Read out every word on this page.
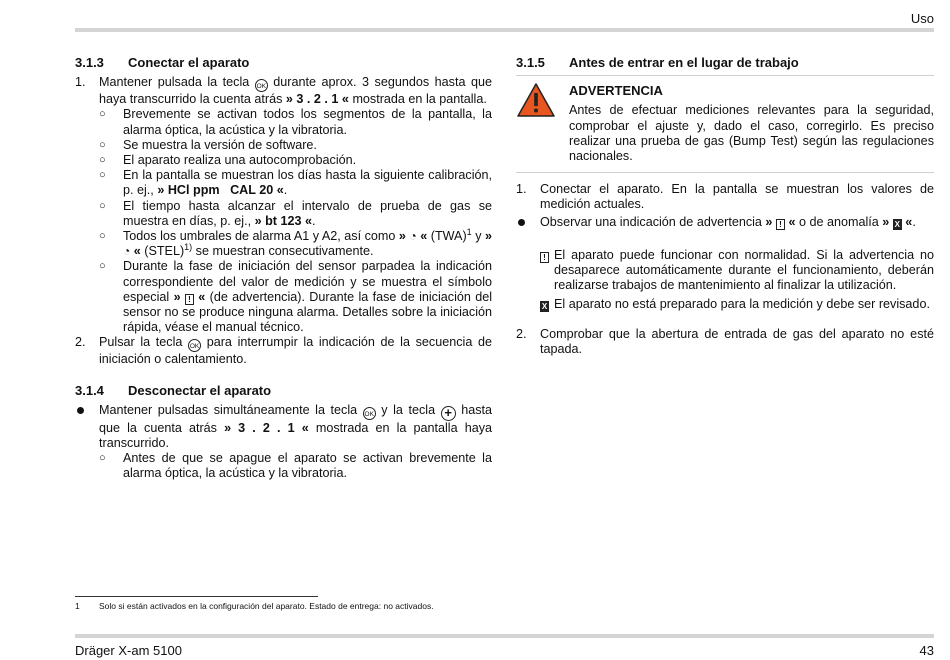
Uso
3.1.3	Conectar el aparato
1.	Mantener pulsada la tecla OK durante aprox. 3 segundos hasta que haya transcurrido la cuenta atrás » 3 . 2 . 1 « mostrada en la pantalla.
○	Brevemente se activan todos los segmentos de la pantalla, la alarma óptica, la acústica y la vibratoria.
○	Se muestra la versión de software.
○	El aparato realiza una autocomprobación.
○	En la pantalla se muestran los días hasta la siguiente calibración, p. ej., » HCl ppm   CAL 20 «.
○	El tiempo hasta alcanzar el intervalo de prueba de gas se muestra en días, p. ej., » bt 123 «.
○	Todos los umbrales de alarma A1 y A2, así como » ◔ « (TWA)$^1$ y » ◔ « (STEL)$^{1)}$ se muestran consecutivamente.
○	Durante la fase de iniciación del sensor parpadea la indicación correspondiente del valor de medición y se muestra el símbolo especial » ! « (de advertencia). Durante la fase de iniciación del sensor no se produce ninguna alarma. Detalles sobre la iniciación rápida, véase el manual técnico.
2.	Pulsar la tecla OK para interrumpir la indicación de la secuencia de iniciación o calentamiento.
3.1.4	Desconectar el aparato
Mantener pulsadas simultáneamente la tecla OK y la tecla + hasta que la cuenta atrás » 3 . 2 . 1 « mostrada en la pantalla haya transcurrido.
○	Antes de que se apague el aparato se activan brevemente la alarma óptica, la acústica y la vibratoria.
3.1.5	Antes de entrar en el lugar de trabajo
ADVERTENCIA
Antes de efectuar mediciones relevantes para la seguridad, comprobar el ajuste y, dado el caso, corregirlo. Es preciso realizar una prueba de gas (Bump Test) según las regulaciones nacionales.
1.	Conectar el aparato. En la pantalla se muestran los valores de medición actuales.
Observar una indicación de advertencia » ! « o de anomalía » X «.
! El aparato puede funcionar con normalidad. Si la advertencia no desaparece automáticamente durante el funcionamiento, deberán realizarse trabajos de mantenimiento al finalizar la utilización.
X El aparato no está preparado para la medición y debe ser revisado.
2.	Comprobar que la abertura de entrada de gas del aparato no esté tapada.
1	Solo si están activados en la configuración del aparato. Estado de entrega: no activados.
Dräger X-am 5100	43
